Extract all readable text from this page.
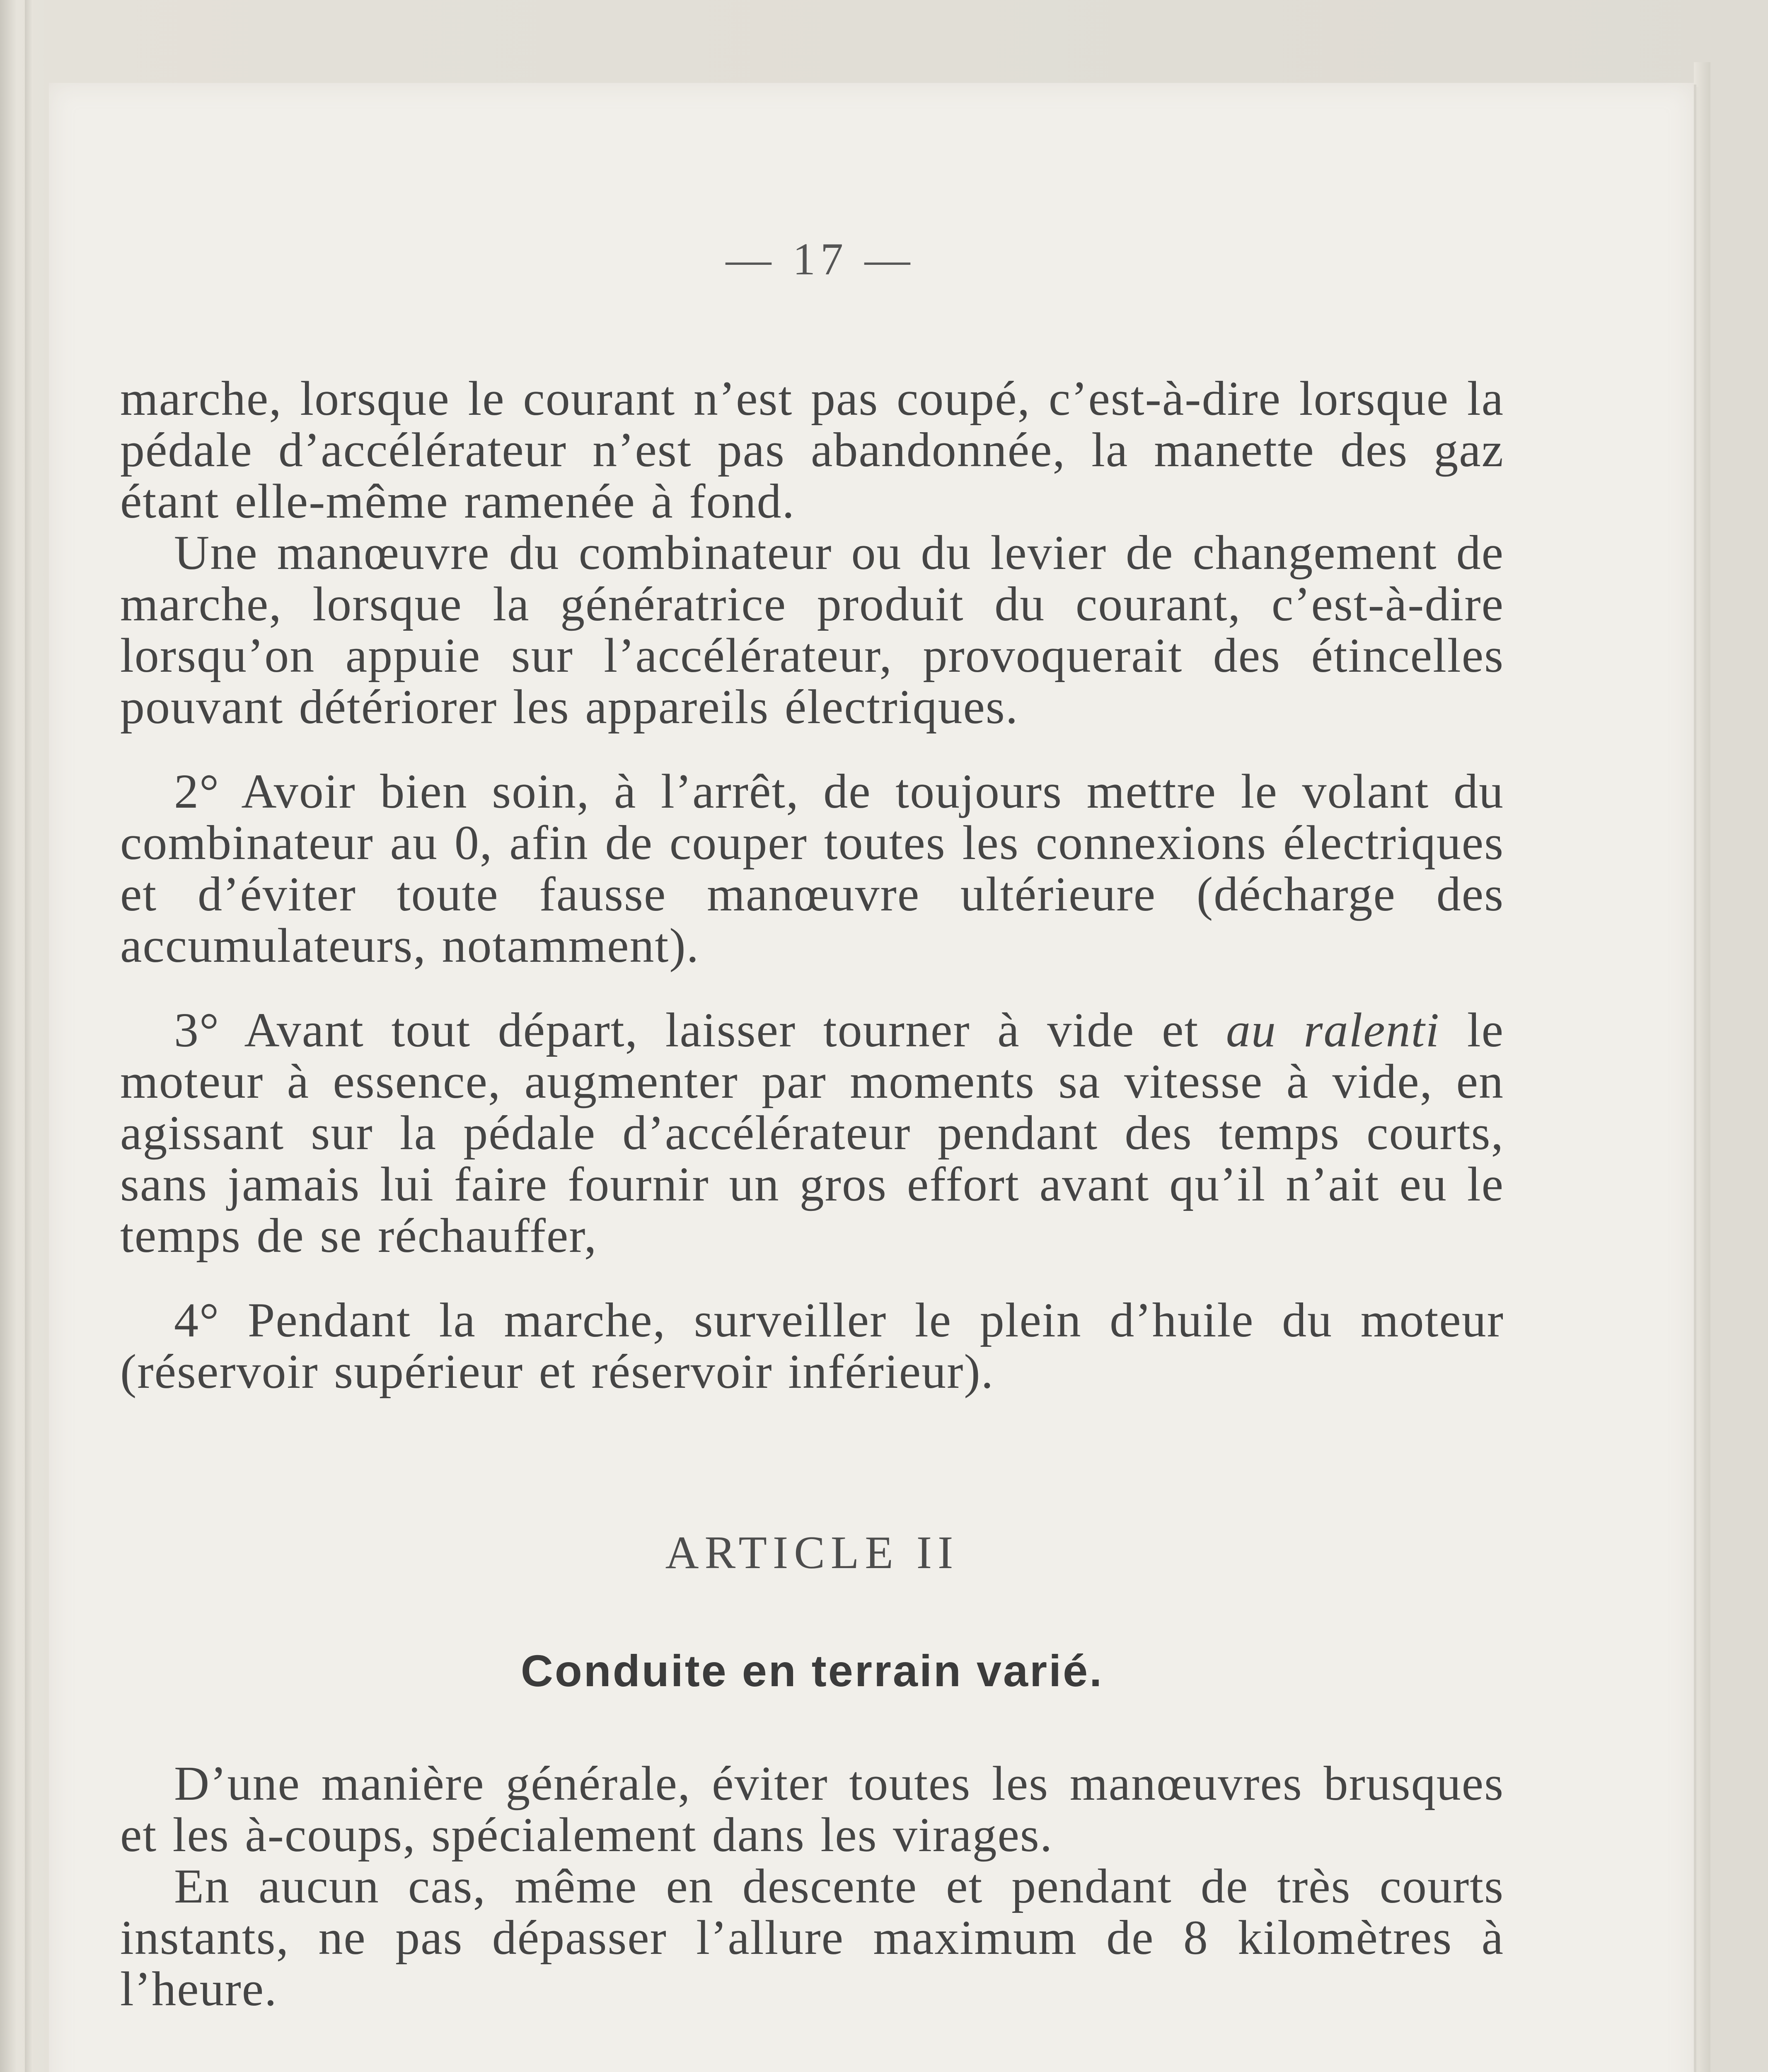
— 17 —

marche, lorsque le courant n’est pas coupé, c’est-à-dire lorsque la pédale d’accélérateur n’est pas abandonnée, la manette des gaz étant elle-même ramenée à fond.

Une manœuvre du combinateur ou du levier de changement de marche, lorsque la génératrice produit du courant, c’est-à-dire lorsqu’on appuie sur l’accélérateur, provoquerait des étincelles pouvant détériorer les appareils électriques.

2° Avoir bien soin, à l’arrêt, de toujours mettre le volant du combinateur au 0, afin de couper toutes les connexions électriques et d’éviter toute fausse manœuvre ultérieure (décharge des accumulateurs, notamment).

3° Avant tout départ, laisser tourner à vide et au ralenti le moteur à essence, augmenter par moments sa vitesse à vide, en agissant sur la pédale d’accélérateur pendant des temps courts, sans jamais lui faire fournir un gros effort avant qu’il n’ait eu le temps de se réchauffer,

4° Pendant la marche, surveiller le plein d’huile du moteur (réservoir supérieur et réservoir inférieur).

ARTICLE II
Conduite en terrain varié.

D’une manière générale, éviter toutes les manœuvres brusques et les à-coups, spécialement dans les virages.

En aucun cas, même en descente et pendant de très courts instants, ne pas dépasser l’allure maximum de 8 kilomètres à l’heure.
